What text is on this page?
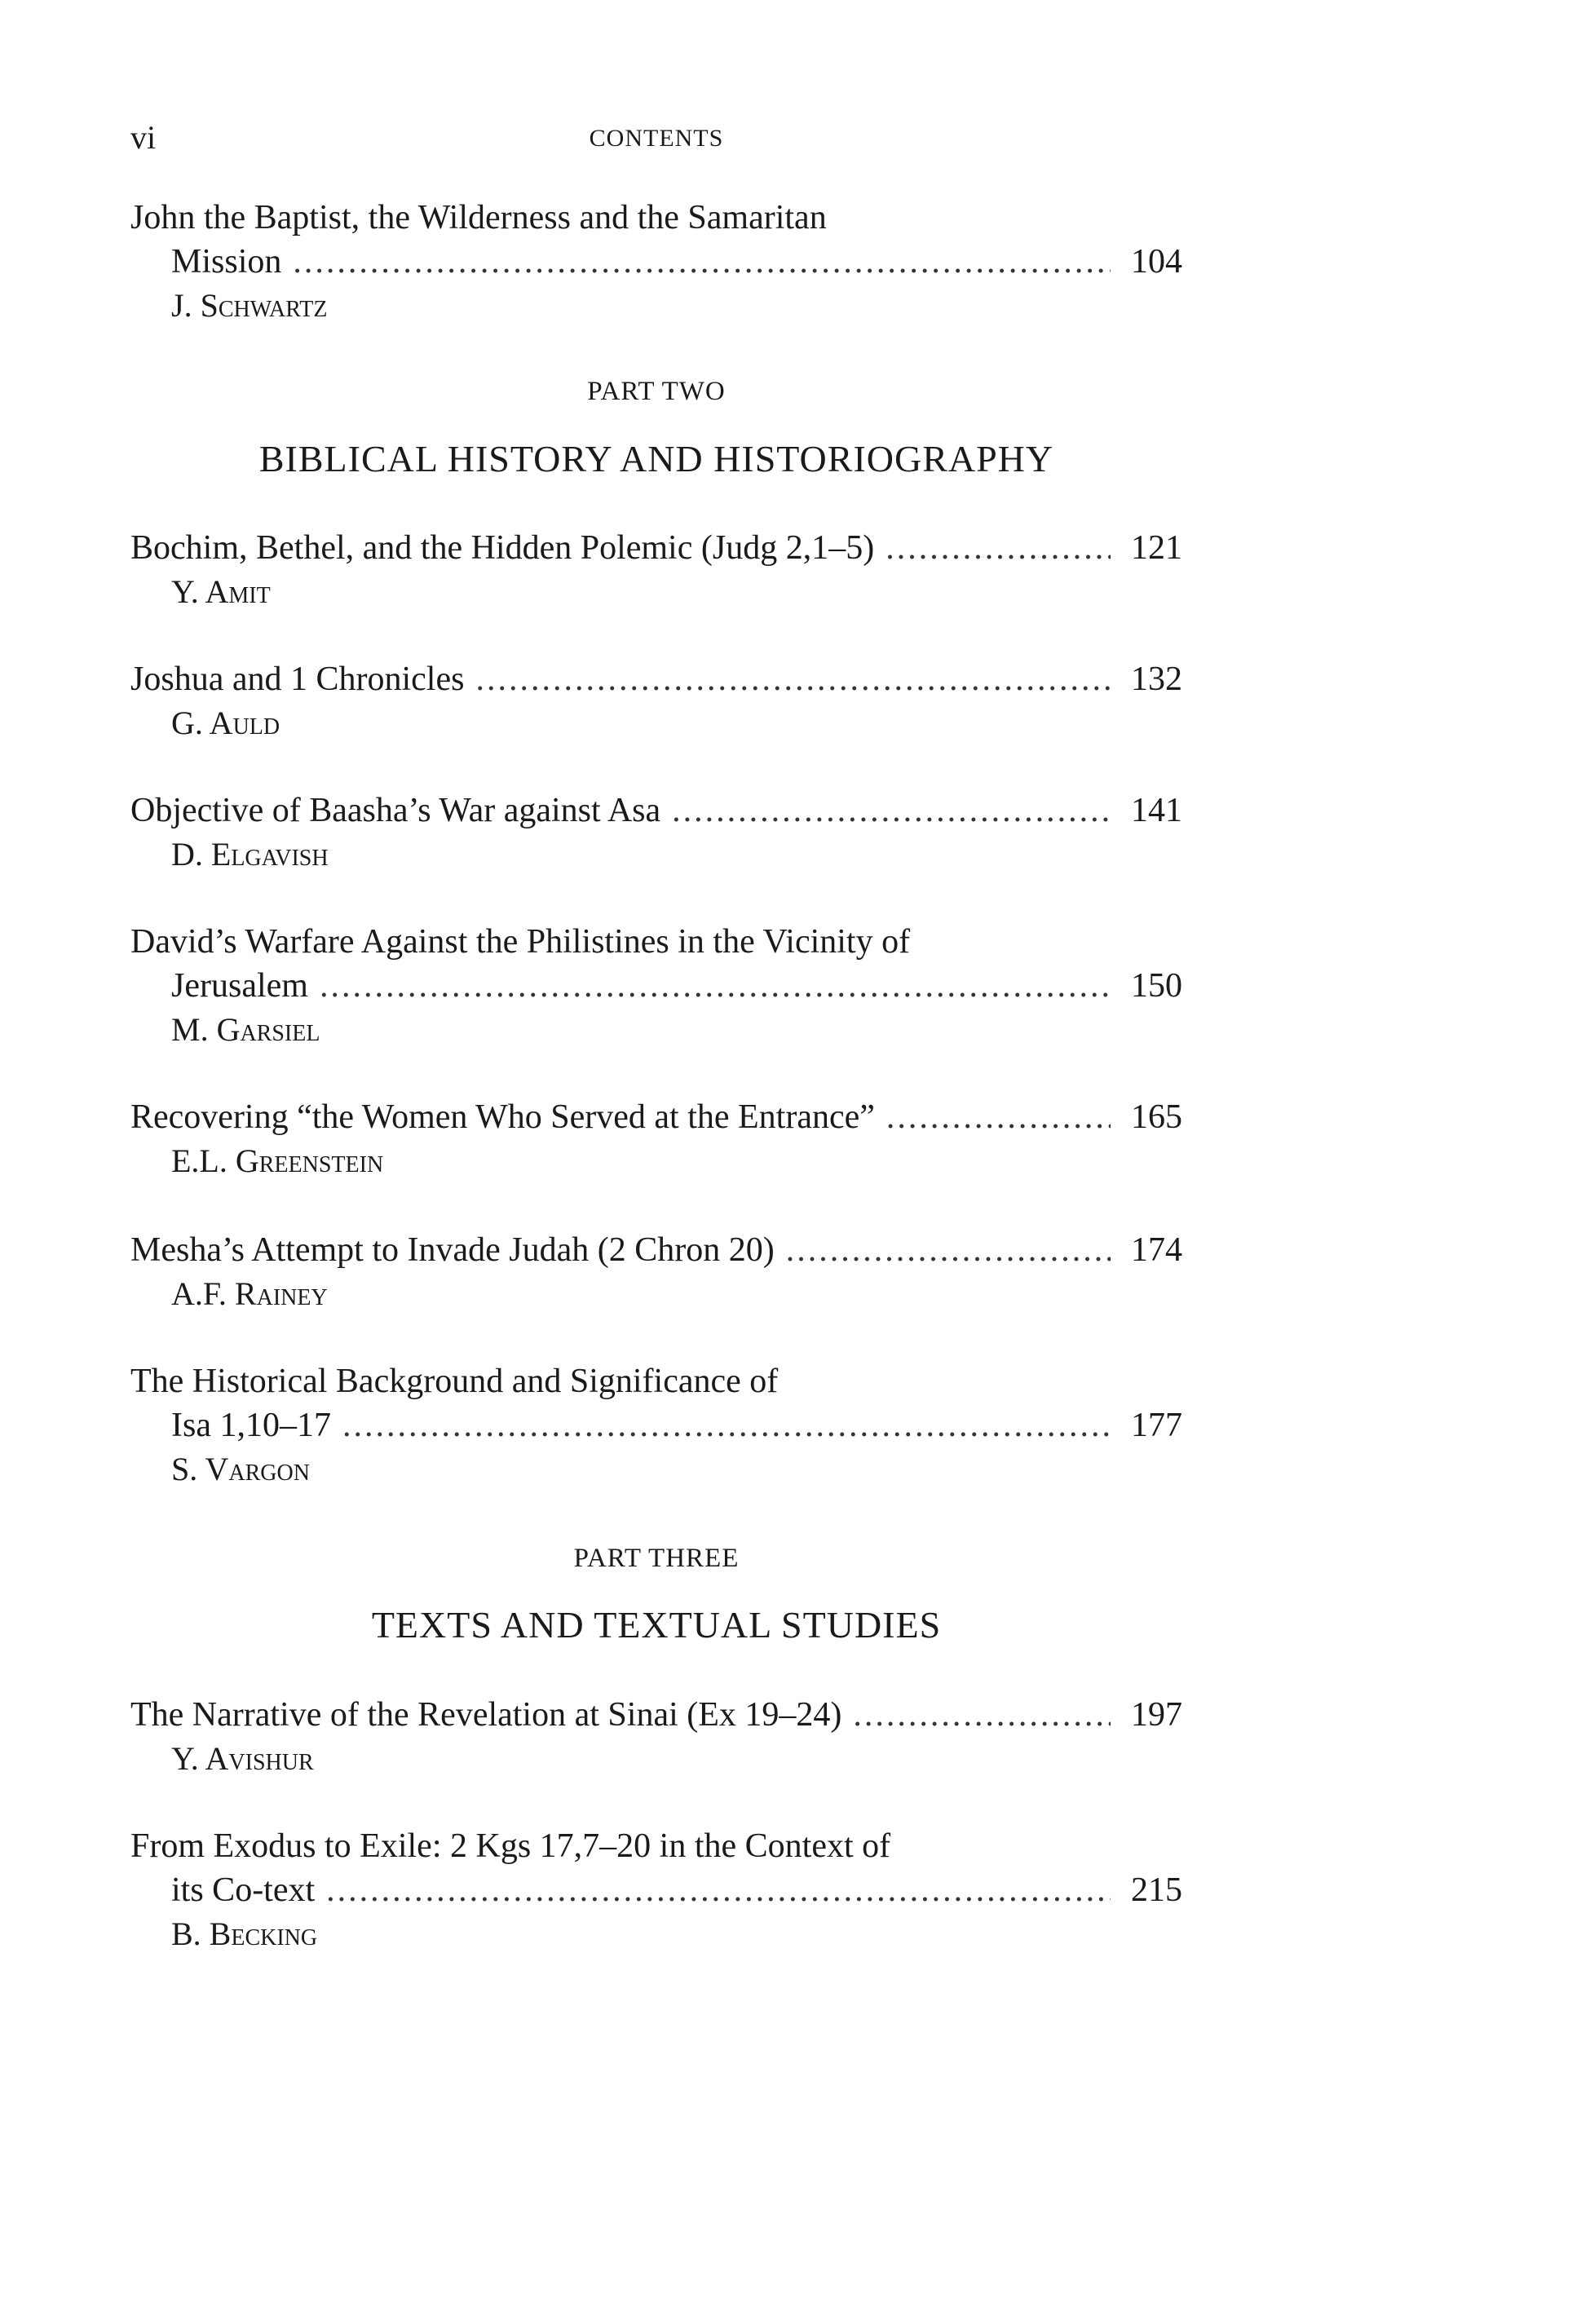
vi	CONTENTS
John the Baptist, the Wilderness and the Samaritan
Mission .....	104
J. Schwartz
PART TWO
BIBLICAL HISTORY AND HISTORIOGRAPHY
Bochim, Bethel, and the Hidden Polemic (Judg 2,1–5) .....	121
Y. Amit
Joshua and 1 Chronicles .....	132
G. Auld
Objective of Baasha’s War against Asa .....	141
D. Elgavish
David’s Warfare Against the Philistines in the Vicinity of
Jerusalem .....	150
M. Garsiel
Recovering “the Women Who Served at the Entrance” .....	165
E.L. Greenstein
Mesha’s Attempt to Invade Judah (2 Chron 20) .....	174
A.F. Rainey
The Historical Background and Significance of
Isa 1,10–17 .....	177
S. Vargon
PART THREE
TEXTS AND TEXTUAL STUDIES
The Narrative of the Revelation at Sinai (Ex 19–24) .....	197
Y. Avishur
From Exodus to Exile: 2 Kgs 17,7–20 in the Context of
its Co-text .....	215
B. Becking
